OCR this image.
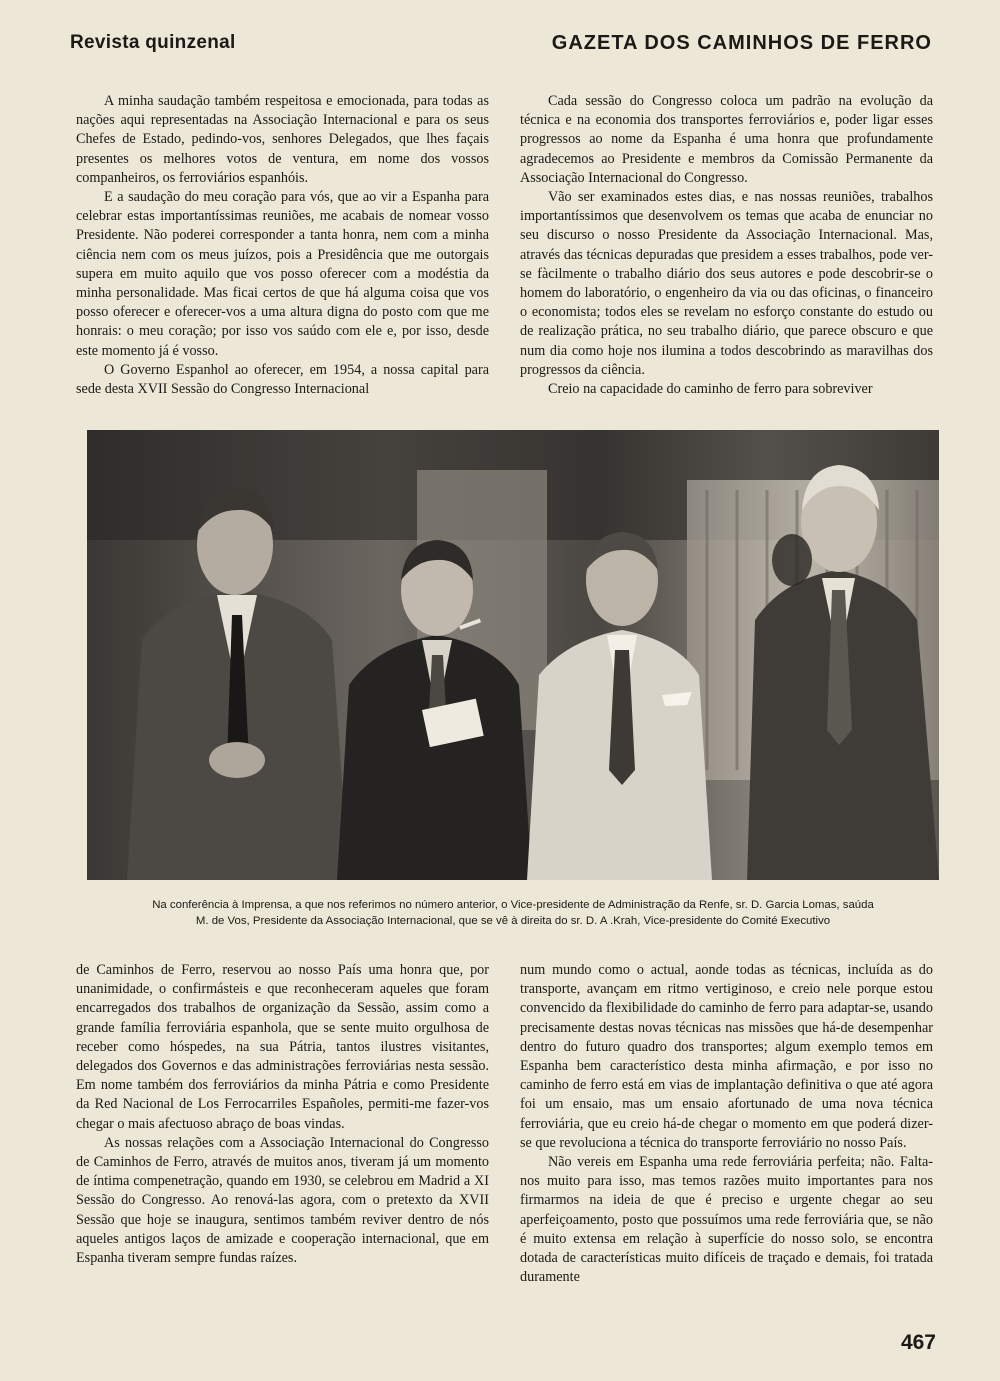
Revista quinzenal	GAZETA DOS CAMINHOS DE FERRO

A minha saudação também respeitosa e emocionada, para todas as nações aqui representadas na Associação Internacional e para os seus Chefes de Estado, pedindo-vos, senhores Delegados, que lhes façais presentes os melhores votos de ventura, em nome dos vossos companheiros, os ferroviários espanhóis.

E a saudação do meu coração para vós, que ao vir a Espanha para celebrar estas importantíssimas reuniões, me acabais de nomear vosso Presidente. Não poderei corresponder a tanta honra, nem com a minha ciência nem com os meus juízos, pois a Presidência que me outorgais supera em muito aquilo que vos posso oferecer com a modéstia da minha personalidade. Mas ficai certos de que há alguma coisa que vos posso oferecer e oferecer-vos a uma altura digna do posto com que me honrais: o meu coração; por isso vos saúdo com ele e, por isso, desde este momento já é vosso.

O Governo Espanhol ao oferecer, em 1954, a nossa capital para sede desta XVII Sessão do Congresso Internacional

Cada sessão do Congresso coloca um padrão na evolução da técnica e na economia dos transportes ferroviários e, poder ligar esses progressos ao nome da Espanha é uma honra que profundamente agradecemos ao Presidente e membros da Comissão Permanente da Associação Internacional do Congresso.

Vão ser examinados estes dias, e nas nossas reuniões, trabalhos importantíssimos que desenvolvem os temas que acaba de enunciar no seu discurso o nosso Presidente da Associação Internacional. Mas, através das técnicas depuradas que presidem a esses trabalhos, pode ver-se fàcilmente o trabalho diário dos seus autores e pode descobrir-se o homem do laboratório, o engenheiro da via ou das oficinas, o financeiro o economista; todos eles se revelam no esforço constante do estudo ou de realização prática, no seu trabalho diário, que parece obscuro e que num dia como hoje nos ilumina a todos descobrindo as maravilhas dos progressos da ciência.

Creio na capacidade do caminho de ferro para sobreviver

Na conferência à Imprensa, a que nos referimos no número anterior, o Vice-presidente de Administração da Renfe, sr. D. Garcia Lomas, saúda
M. de Vos, Presidente da Associação Internacional, que se vê à direita do sr. D. A .Krah, Vice-presidente do Comité Executivo

de Caminhos de Ferro, reservou ao nosso País uma honra que, por unanimidade, o confirmásteis e que reconheceram aqueles que foram encarregados dos trabalhos de organização da Sessão, assim como a grande família ferroviária espanhola, que se sente muito orgulhosa de receber como hóspedes, na sua Pátria, tantos ilustres visitantes, delegados dos Governos e das administrações ferroviárias nesta sessão. Em nome também dos ferroviários da minha Pátria e como Presidente da Red Nacional de Los Ferrocarriles Españoles, permiti-me fazer-vos chegar o mais afectuoso abraço de boas vindas.

As nossas relações com a Associação Internacional do Congresso de Caminhos de Ferro, através de muitos anos, tiveram já um momento de íntima compenetração, quando em 1930, se celebrou em Madrid a XI Sessão do Congresso. Ao renová-las agora, com o pretexto da XVII Sessão que hoje se inaugura, sentimos também reviver dentro de nós aqueles antigos laços de amizade e cooperação internacional, que em Espanha tiveram sempre fundas raízes.

num mundo como o actual, aonde todas as técnicas, incluída as do transporte, avançam em ritmo vertiginoso, e creio nele porque estou convencido da flexibilidade do caminho de ferro para adaptar-se, usando precisamente destas novas técnicas nas missões que há-de desempenhar dentro do futuro quadro dos transportes; algum exemplo temos em Espanha bem característico desta minha afirmação, e por isso no caminho de ferro está em vias de implantação definitiva o que até agora foi um ensaio, mas um ensaio afortunado de uma nova técnica ferroviária, que eu creio há-de chegar o momento em que poderá dizer-se que revoluciona a técnica do transporte ferroviário no nosso País.

Não vereis em Espanha uma rede ferroviária perfeita; não. Falta-nos muito para isso, mas temos razões muito importantes para nos firmarmos na ideia de que é preciso e urgente chegar ao seu aperfeiçoamento, posto que possuímos uma rede ferroviária que, se não é muito extensa em relação à superfície do nosso solo, se encontra dotada de características muito difíceis de traçado e demais, foi tratada duramente

467
